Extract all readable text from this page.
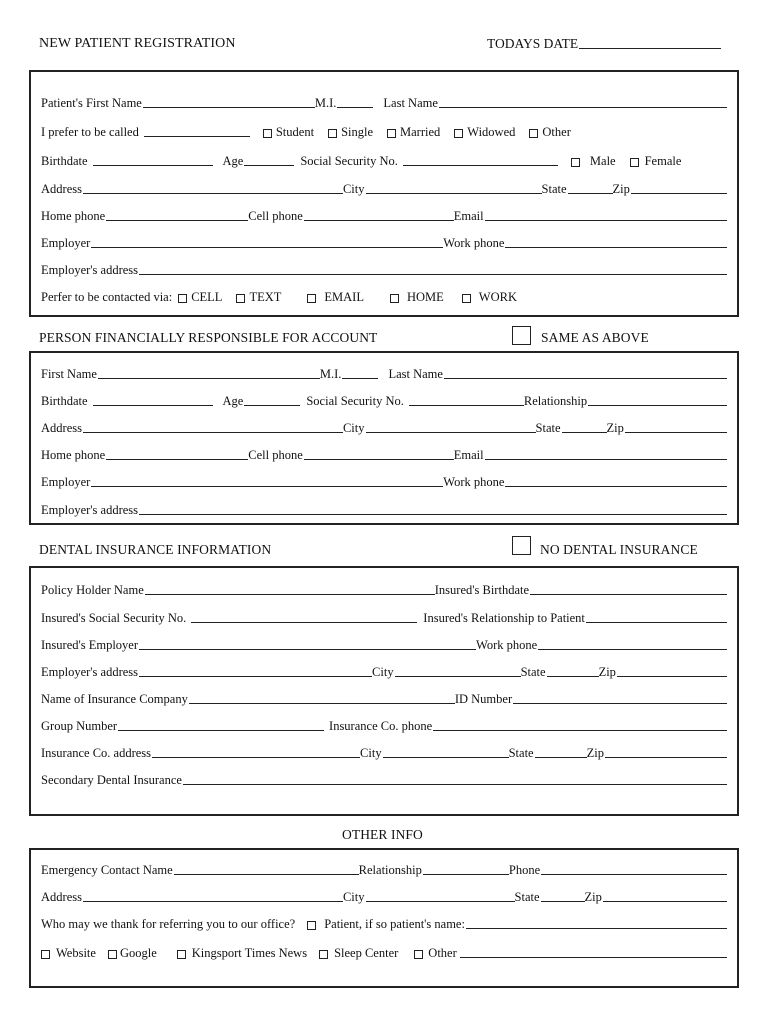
NEW PATIENT REGISTRATION	TODAYS DATE
Patient's First Name	M.I.	Last Name
I prefer to be called	Student Single Married Widowed Other
Birthdate	Age	Social Security No.	Male Female
Address	City	State	Zip
Home phone	Cell phone	Email
Employer	Work phone
Employer's address
Perfer to be contacted via: CELL TEXT	EMAIL	HOME	WORK
PERSON FINANCIALLY RESPONSIBLE FOR ACCOUNT	SAME AS ABOVE
First Name	M.I.	Last Name
Birthdate	Age	Social Security No.	Relationship
Address	City	State	Zip
Home phone	Cell phone	Email
Employer	Work phone
Employer's address
DENTAL INSURANCE INFORMATION	NO DENTAL INSURANCE
Policy Holder Name	Insured's Birthdate
Insured's Social Security No.	Insured's Relationship to Patient
Insured's Employer	Work phone
Employer's address	City	State	Zip
Name of Insurance Company	ID Number
Group Number	Insurance Co. phone
Insurance Co. address	City	State	Zip
Secondary Dental Insurance
OTHER INFO
Emergency Contact Name	Relationship	Phone
Address	City	State	Zip
Who may we thank for referring you to our office? Patient, if so patient's name:
Website Google	Kingsport Times News Sleep Center Other
